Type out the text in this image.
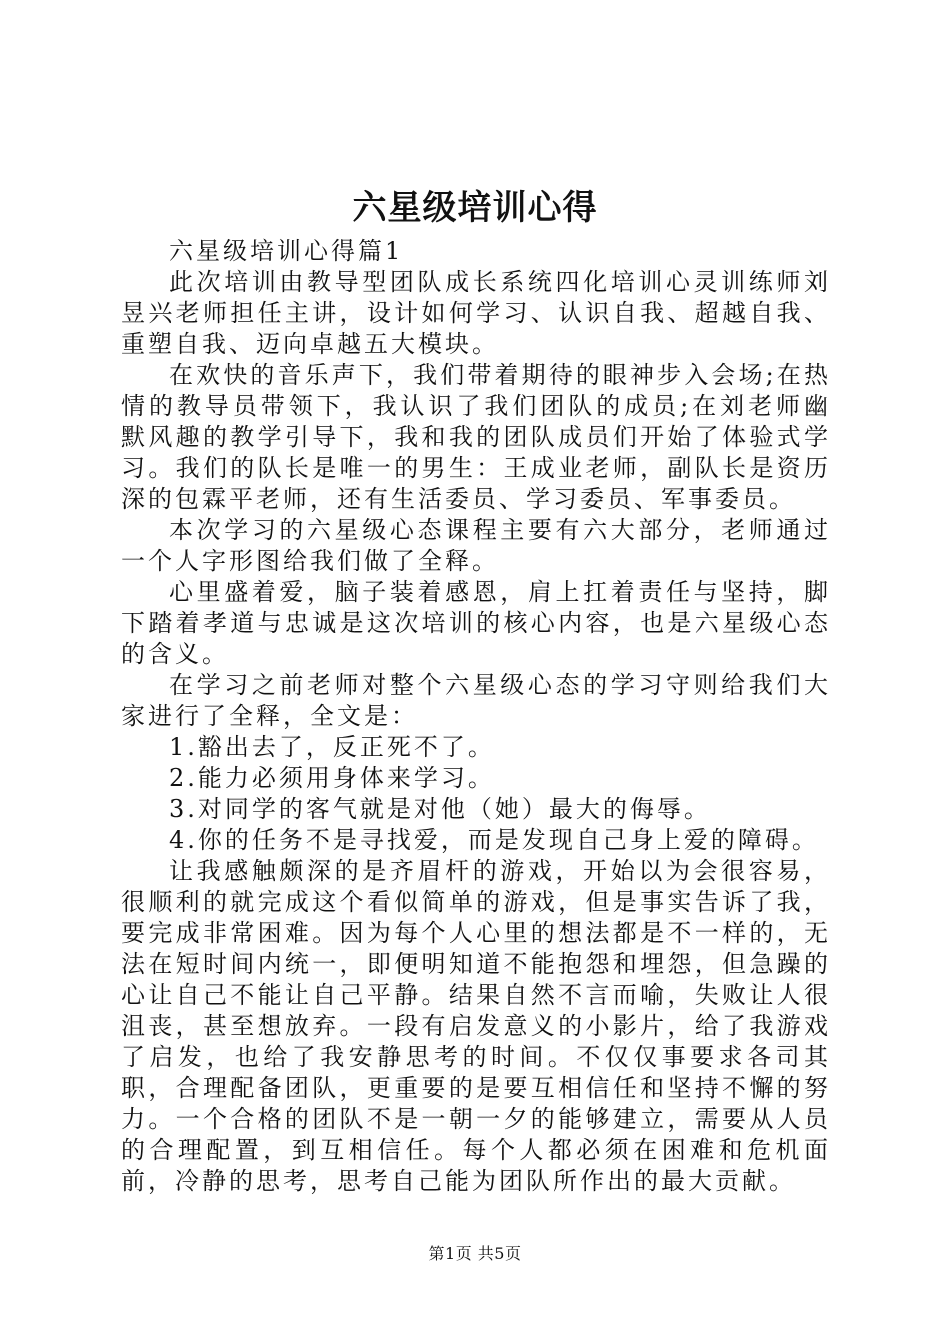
六星级培训心得

六星级培训心得篇1

此次培训由教导型团队成长系统四化培训心灵训练师刘昱兴老师担任主讲，设计如何学习、认识自我、超越自我、重塑自我、迈向卓越五大模块。

在欢快的音乐声下，我们带着期待的眼神步入会场;在热情的教导员带领下，我认识了我们团队的成员;在刘老师幽默风趣的教学引导下，我和我的团队成员们开始了体验式学习。我们的队长是唯一的男生：王成业老师，副队长是资历深的包霖平老师，还有生活委员、学习委员、军事委员。

本次学习的六星级心态课程主要有六大部分，老师通过一个人字形图给我们做了全释。

心里盛着爱，脑子装着感恩，肩上扛着责任与坚持，脚下踏着孝道与忠诚是这次培训的核心内容，也是六星级心态的含义。

在学习之前老师对整个六星级心态的学习守则给我们大家进行了全释，全文是：

1.豁出去了，反正死不了。

2.能力必须用身体来学习。

3.对同学的客气就是对他（她）最大的侮辱。

4.你的任务不是寻找爱，而是发现自己身上爱的障碍。

让我感触颇深的是齐眉杆的游戏，开始以为会很容易，很顺利的就完成这个看似简单的游戏，但是事实告诉了我，要完成非常困难。因为每个人心里的想法都是不一样的，无法在短时间内统一，即便明知道不能抱怨和埋怨，但急躁的心让自己不能让自己平静。结果自然不言而喻，失败让人很沮丧，甚至想放弃。一段有启发意义的小影片，给了我游戏了启发，也给了我安静思考的时间。不仅仅事要求各司其职，合理配备团队，更重要的是要互相信任和坚持不懈的努力。一个合格的团队不是一朝一夕的能够建立，需要从人员的合理配置，到互相信任。每个人都必须在困难和危机面前，冷静的思考，思考自己能为团队所作出的最大贡献。

第1页 共5页
